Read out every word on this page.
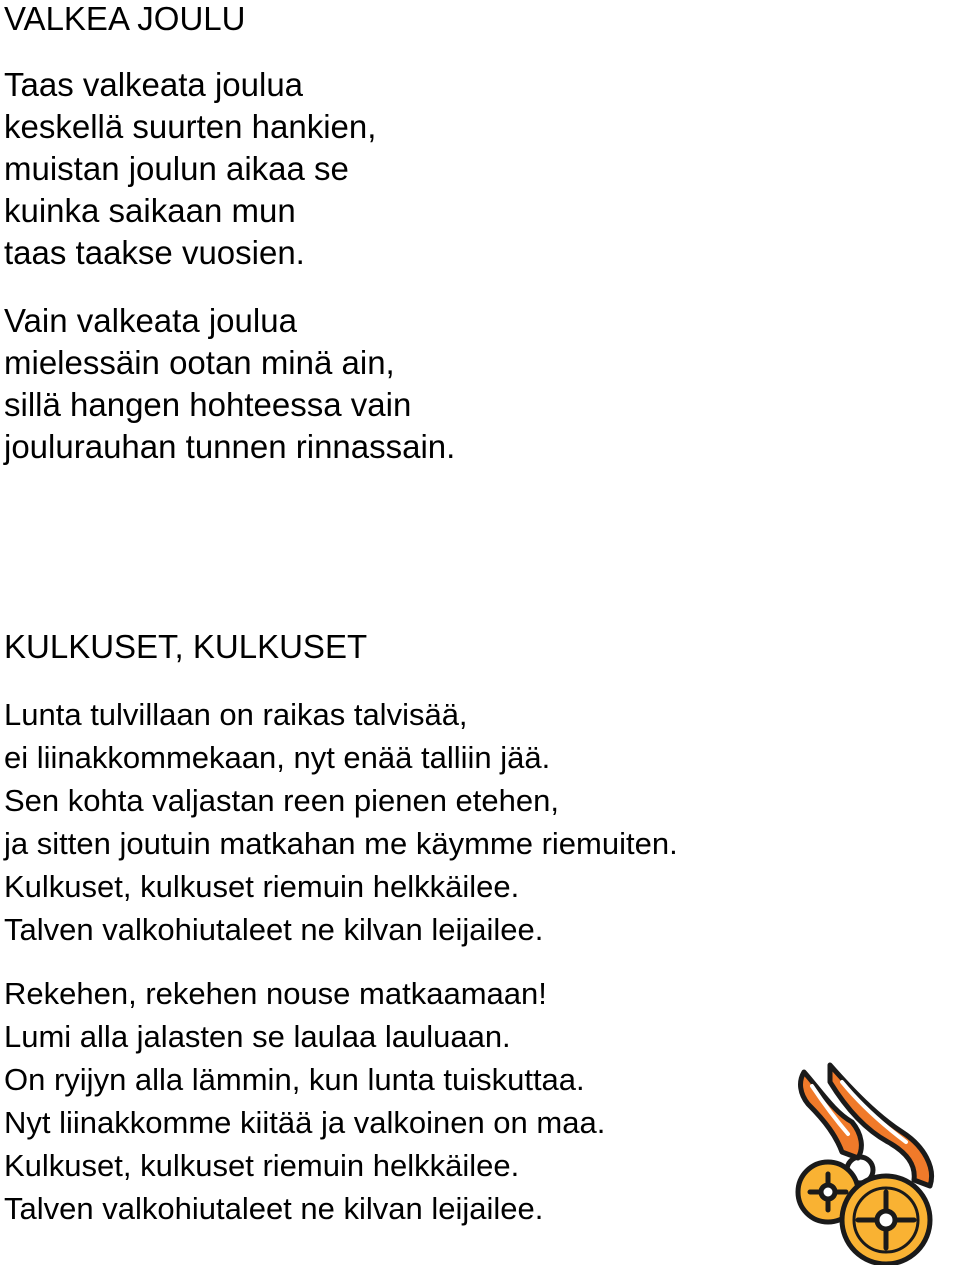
VALKEA JOULU

Taas valkeata joulua

keskellä suurten hankien,

muistan joulun aikaa se

kuinka saikaan mun

taas taakse vuosien.

Vain valkeata joulua

mielessäin ootan minä ain,

sillä hangen hohteessa vain

joulurauhan tunnen rinnassain.

KULKUSET, KULKUSET

Lunta tulvillaan on raikas talvisää,

ei liinakkommekaan, nyt enää talliin jää.

Sen kohta valjastan reen pienen etehen,

ja sitten joutuin matkahan me käymme riemuiten.

Kulkuset, kulkuset riemuin helkkäilee.

Talven valkohiutaleet ne kilvan leijailee.

Rekehen, rekehen nouse matkaamaan!

Lumi alla jalasten se laulaa lauluaan.

On ryijyn alla lämmin, kun lunta tuiskuttaa.

Nyt liinakkomme kiitää ja valkoinen on maa.

Kulkuset, kulkuset riemuin helkkäilee.

Talven valkohiutaleet ne kilvan leijailee.
